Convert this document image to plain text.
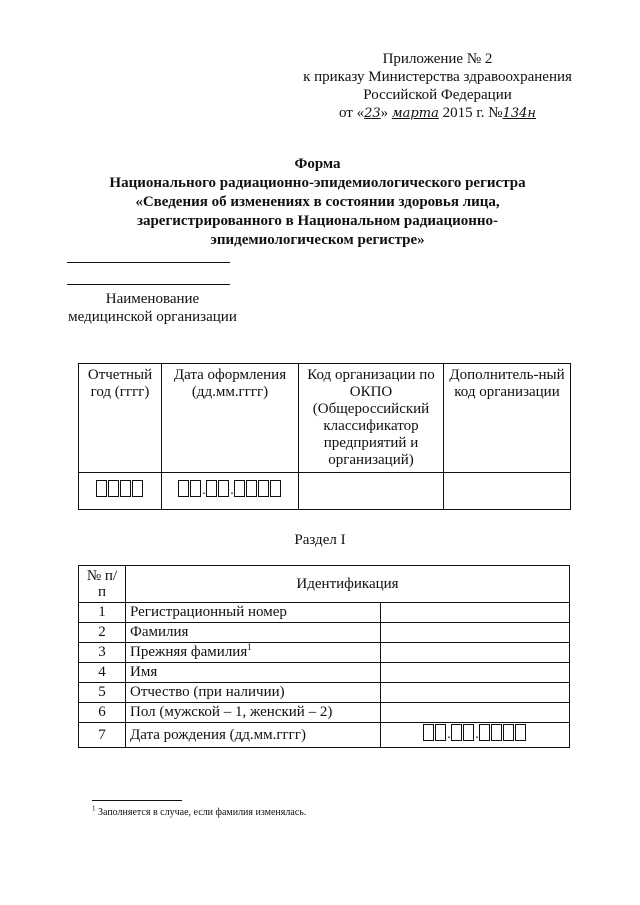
Приложение № 2
к приказу Министерства здравоохранения
Российской Федерации
от «23» марта 2015 г. №134н
Форма
Национального радиационно-эпидемиологического регистра
«Сведения об изменениях в состоянии здоровья лица,
зарегистрированного в Национальном радиационно-
эпидемиологическом регистре»
Наименование
медицинской организации
Отчетный год (гггг)	Дата оформления (дд.мм.гггг)	Код организации по ОКПО (Общероссийский классификатор предприятий и организаций)	Дополнитель-ный код организации

	. .		

Раздел I
№ п/п	Идентификация	
1	Регистрационный номер	
2	Фамилия	
3	Прежняя фамилия$^1$	
4	Имя	
5	Отчество (при наличии)	
6	Пол (мужской – 1, женский – 2)	
7	Дата рождения (дд.мм.гггг)	. .
$^1$ Заполняется в случае, если фамилия изменялась.
